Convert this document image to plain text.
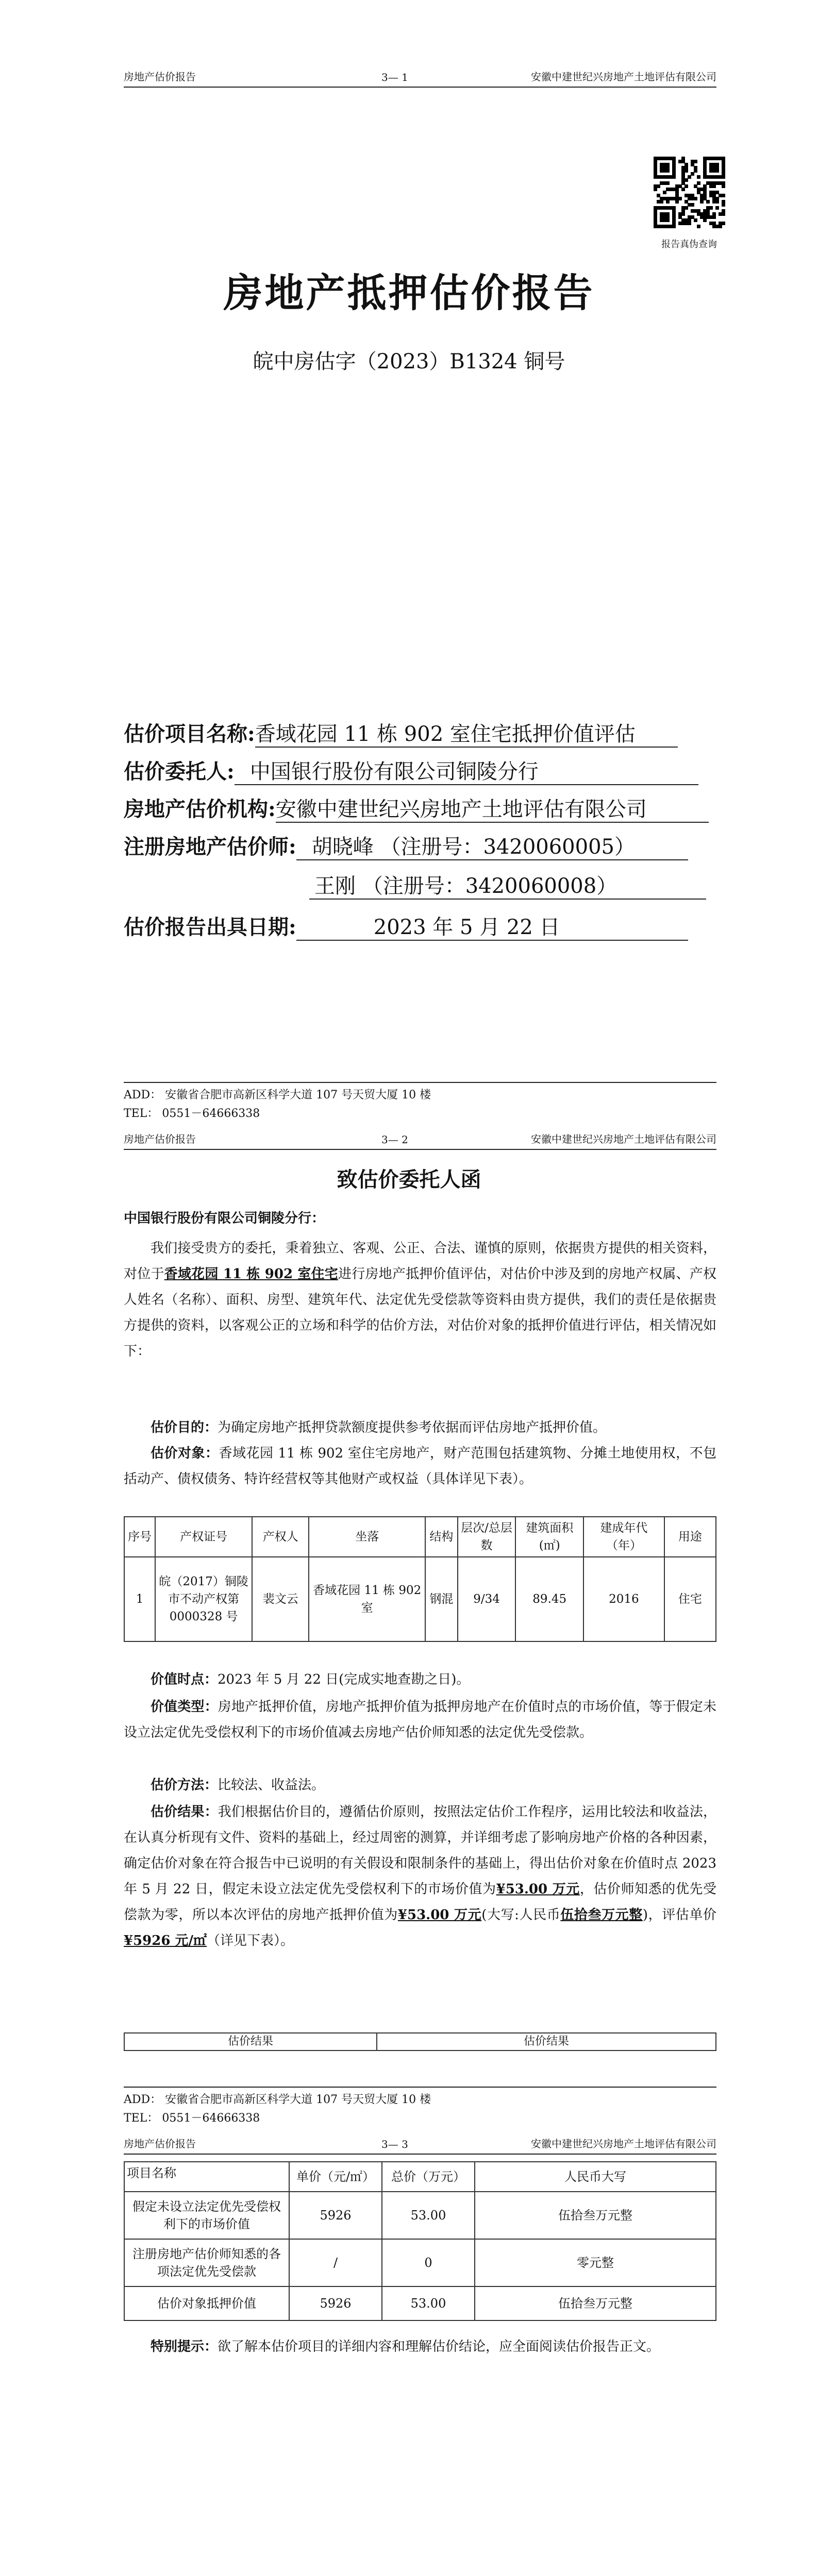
房地产估价报告	3— 1	安徽中建世纪兴房地产土地评估有限公司
报告真伪查询
房地产抵押估价报告
皖中房估字（2023）B1324 铜号
估价项目名称:香域花园 11 栋 902 室住宅抵押价值评估
估价委托人: 中国银行股份有限公司铜陵分行
房地产估价机构:安徽中建世纪兴房地产土地评估有限公司
注册房地产估价师: 胡晓峰 （注册号：3420060005）
王刚 （注册号：3420060008）
估价报告出具日期:	2023 年 5 月 22 日
ADD： 安徽省合肥市高新区科学大道 107 号天贸大厦 10 楼
TEL： 0551－64666338
房地产估价报告	3— 2	安徽中建世纪兴房地产土地评估有限公司
致估价委托人函
中国银行股份有限公司铜陵分行：
我们接受贵方的委托，秉着独立、客观、公正、合法、谨慎的原则，依据贵方提供的相关资料，对位于香域花园 11 栋 902 室住宅进行房地产抵押价值评估，对估价中涉及到的房地产权属、产权人姓名（名称）、面积、房型、建筑年代、法定优先受偿款等资料由贵方提供，我们的责任是依据贵方提供的资料，以客观公正的立场和科学的估价方法，对估价对象的抵押价值进行评估，相关情况如下：
估价目的：为确定房地产抵押贷款额度提供参考依据而评估房地产抵押价值。
估价对象：香域花园 11 栋 902 室住宅房地产，财产范围包括建筑物、分摊土地使用权，不包括动产、债权债务、特许经营权等其他财产或权益（具体详见下表）。
序号	产权证号	产权人	坐落	结构	层次/总层数	建筑面积(㎡)	建成年代（年）	用途
1	皖（2017）铜陵市不动产权第 0000328 号	裴文云	香域花园 11 栋 902 室	钢混	9/34	89.45	2016	住宅
价值时点：2023 年 5 月 22 日(完成实地查勘之日)。
价值类型：房地产抵押价值，房地产抵押价值为抵押房地产在价值时点的市场价值，等于假定未设立法定优先受偿权利下的市场价值减去房地产估价师知悉的法定优先受偿款。
估价方法：比较法、收益法。
估价结果：我们根据估价目的，遵循估价原则，按照法定估价工作程序，运用比较法和收益法，在认真分析现有文件、资料的基础上，经过周密的测算，并详细考虑了影响房地产价格的各种因素，确定估价对象在符合报告中已说明的有关假设和限制条件的基础上，得出估价对象在价值时点 2023 年 5 月 22 日，假定未设立法定优先受偿权利下的市场价值为¥53.00 万元，估价师知悉的优先受偿款为零，所以本次评估的房地产抵押价值为¥53.00 万元(大写:人民币伍拾叁万元整)，评估单价¥5926 元/㎡（详见下表）。
估价结果	估价结果
ADD： 安徽省合肥市高新区科学大道 107 号天贸大厦 10 楼
TEL： 0551－64666338
房地产估价报告	3— 3	安徽中建世纪兴房地产土地评估有限公司
项目名称	单价（元/㎡）	总价（万元）	人民币大写
假定未设立法定优先受偿权利下的市场价值	5926	53.00	伍拾叁万元整
注册房地产估价师知悉的各项法定优先受偿款	/	0	零元整
估价对象抵押价值	5926	53.00	伍拾叁万元整
特别提示：欲了解本估价项目的详细内容和理解估价结论，应全面阅读估价报告正文。
